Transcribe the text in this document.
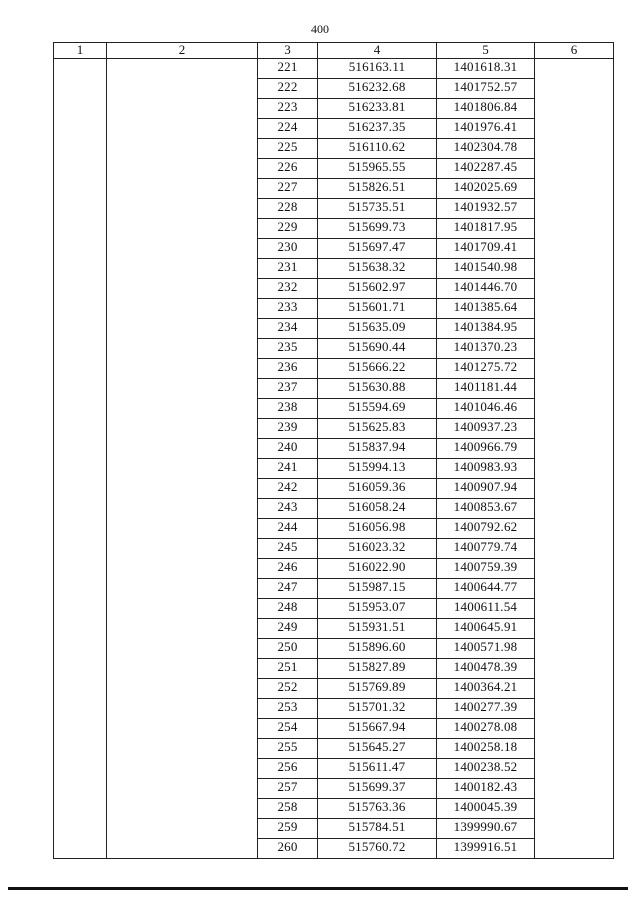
400
1	2	3	4	5	6
		221	516163.11	1401618.31	
		222	516232.68	1401752.57	
		223	516233.81	1401806.84	
		224	516237.35	1401976.41	
		225	516110.62	1402304.78	
		226	515965.55	1402287.45	
		227	515826.51	1402025.69	
		228	515735.51	1401932.57	
		229	515699.73	1401817.95	
		230	515697.47	1401709.41	
		231	515638.32	1401540.98	
		232	515602.97	1401446.70	
		233	515601.71	1401385.64	
		234	515635.09	1401384.95	
		235	515690.44	1401370.23	
		236	515666.22	1401275.72	
		237	515630.88	1401181.44	
		238	515594.69	1401046.46	
		239	515625.83	1400937.23	
		240	515837.94	1400966.79	
		241	515994.13	1400983.93	
		242	516059.36	1400907.94	
		243	516058.24	1400853.67	
		244	516056.98	1400792.62	
		245	516023.32	1400779.74	
		246	516022.90	1400759.39	
		247	515987.15	1400644.77	
		248	515953.07	1400611.54	
		249	515931.51	1400645.91	
		250	515896.60	1400571.98	
		251	515827.89	1400478.39	
		252	515769.89	1400364.21	
		253	515701.32	1400277.39	
		254	515667.94	1400278.08	
		255	515645.27	1400258.18	
		256	515611.47	1400238.52	
		257	515699.37	1400182.43	
		258	515763.36	1400045.39	
		259	515784.51	1399990.67	
		260	515760.72	1399916.51	
